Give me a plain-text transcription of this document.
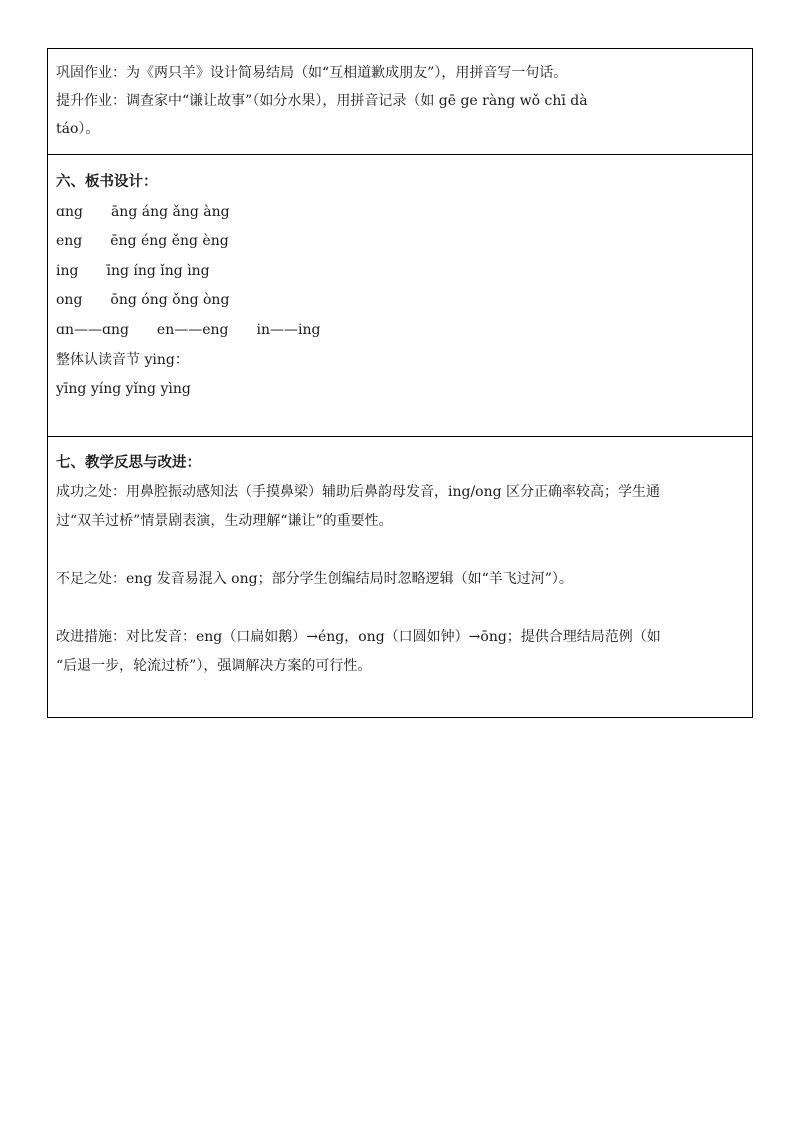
巩固作业：为《两只羊》设计简易结局（如“互相道歉成朋友”），用拼音写一句话。

提升作业：调查家中“谦让故事”（如分水果），用拼音记录（如 gē ge ràng wǒ chī dà

táo）。

六、板书设计：

ɑng āng áng ǎng àng

eng ēng éng ěng èng

ing īng íng ǐng ìng

ong ōng óng ǒng òng

ɑn——ɑng en——eng in——ing

整体认读音节 ying：

yīng yíng yǐng yìng

七、教学反思与改进：

成功之处：用鼻腔振动感知法（手摸鼻梁）辅助后鼻韵母发音，ing/ong 区分正确率较高；学生通

过“双羊过桥”情景剧表演，生动理解“谦让”的重要性。

不足之处：eng 发音易混入 ong；部分学生创编结局时忽略逻辑（如“羊飞过河”）。

改进措施：对比发音：eng（口扁如鹅）→éng，ong（口圆如钟）→ōng；提供合理结局范例（如

“后退一步，轮流过桥”），强调解决方案的可行性。
